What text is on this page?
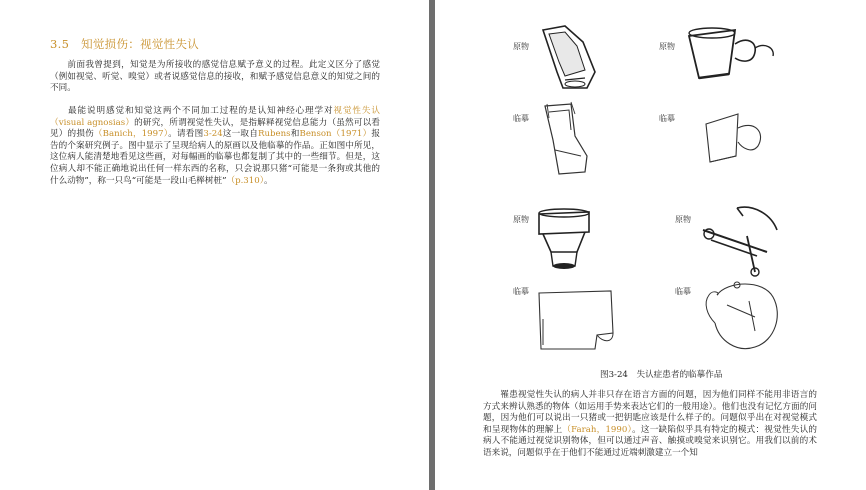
3.5 知觉损伤：视觉性失认

  前面我曾提到，知觉是为所接收的感觉信息赋予意义的过程。此定义区分了感觉（例如视觉、听觉、嗅觉）或者说感觉信息的接收，和赋予感觉信息意义的知觉之间的不同。

  最能说明感觉和知觉这两个不同加工过程的是认知神经心理学对视觉性失认（visual agnosias）的研究，所谓视觉性失认，是指解释视觉信息能力（虽然可以看见）的损伤（Banich，1997）。请看图3-24这一取自Rubens和Benson（1971）报告的个案研究例子。图中显示了呈现给病人的原画以及他临摹的作品。正如图中所见，这位病人能清楚地看见这些画，对每幅画的临摹也都复制了其中的一些细节。但是，这位病人却不能正确地说出任何一样东西的名称，只会说那只猪“可能是一条狗或其他的什么动物”，称一只鸟“可能是一段山毛榉树桩”（p.310）。

原物	原物
临摹	临摹
原物	原物
临摹	临摹
图3-24　失认症患者的临摹作品

  罹患视觉性失认的病人并非只存在语言方面的问题，因为他们同样不能用非语言的方式来辨认熟悉的物体（如运用手势来表达它们的一般用途）。他们也没有记忆方面的问题，因为他们可以说出一只猪或一把钥匙应该是什么样子的。问题似乎出在对视觉模式和呈现物体的理解上（Farah，1990）。这一缺陷似乎具有特定的模式：视觉性失认的病人不能通过视觉识别物体，但可以通过声音、触摸或嗅觉来识别它。用我们以前的术语来说，问题似乎在于他们不能通过近端刺激建立一个知
